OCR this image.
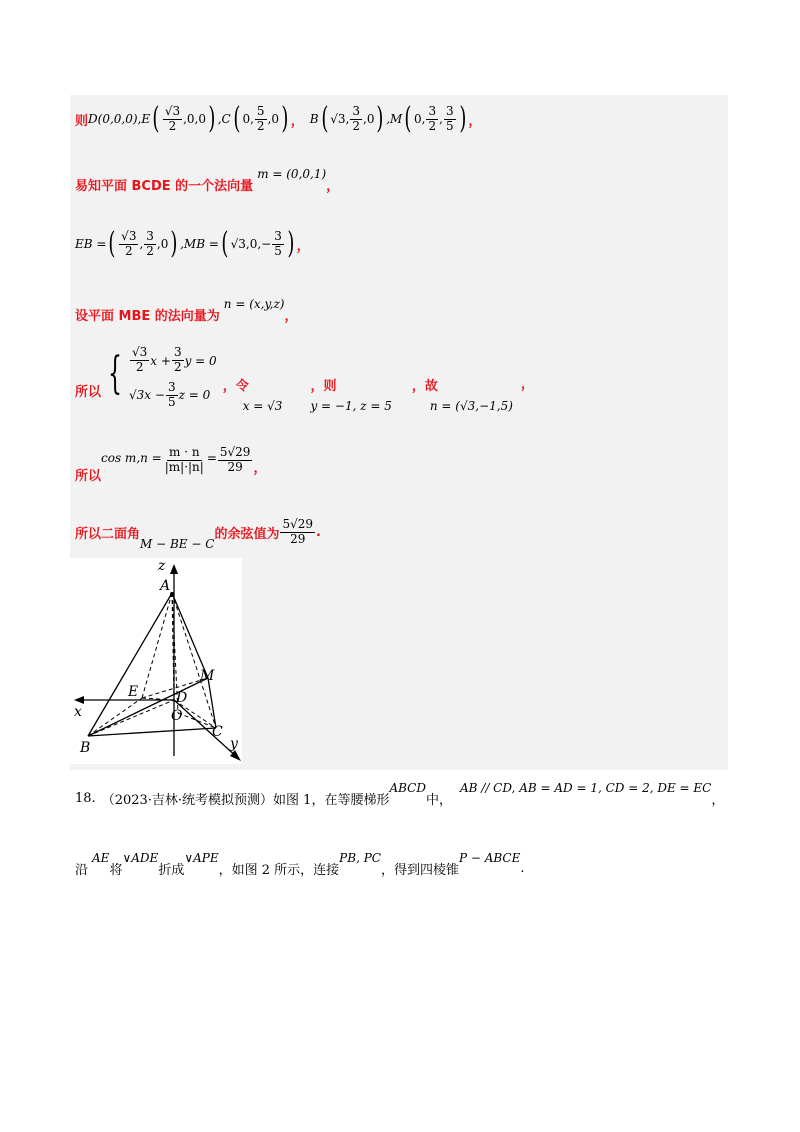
则 D(0,0,0),E ( $\frac{√3}{2} ,0,0$ ) ,C ( 0, $\frac{5}{2} ,0$ ) ， B ( √3, $\frac{3}{2} ,0$ ) ,M ( 0, $\frac{3}{2}$ , $\frac{3}{5}$ ) ，
易知平面 BCDE 的一个法向量
m = (0,0,1)
，
EB = ( $\frac{√3}{2}$ , $\frac{3}{2} ,0$ ) ,MB = ( $√3,0,- \frac{3}{5}$ ) ，
设平面 MBE 的法向量为
n = (x,y,z)
，
所以 { $\frac{√3}{2}$ $x + \frac{3}{2}$ y = 0
$√3x - \frac{3}{5}$ z = 0
，令
x = √3
，则
y = −1, z = 5
，故
n = (√3,−1,5)
，
所以
$\cos m,n = \frac{m \cdot n}{|m|\cdot|n|} = \frac{5√29}{29}$ ，
所以二面角
M − BE − C
的余弦值为 $\frac{5√29}{29}$ .
z
A
M
E	D
O
x
B
C
y
18. （2023·吉林·统考模拟预测）如图 1，在等腰梯形
ABCD
中，
AB // CD, AB = AD = 1, CD = 2, DE = EC
，
沿
AE
将
∨ADE
折成
∨APE
，如图 2 所示，连接
PB, PC
，得到四棱锥
P − ABCE
.
